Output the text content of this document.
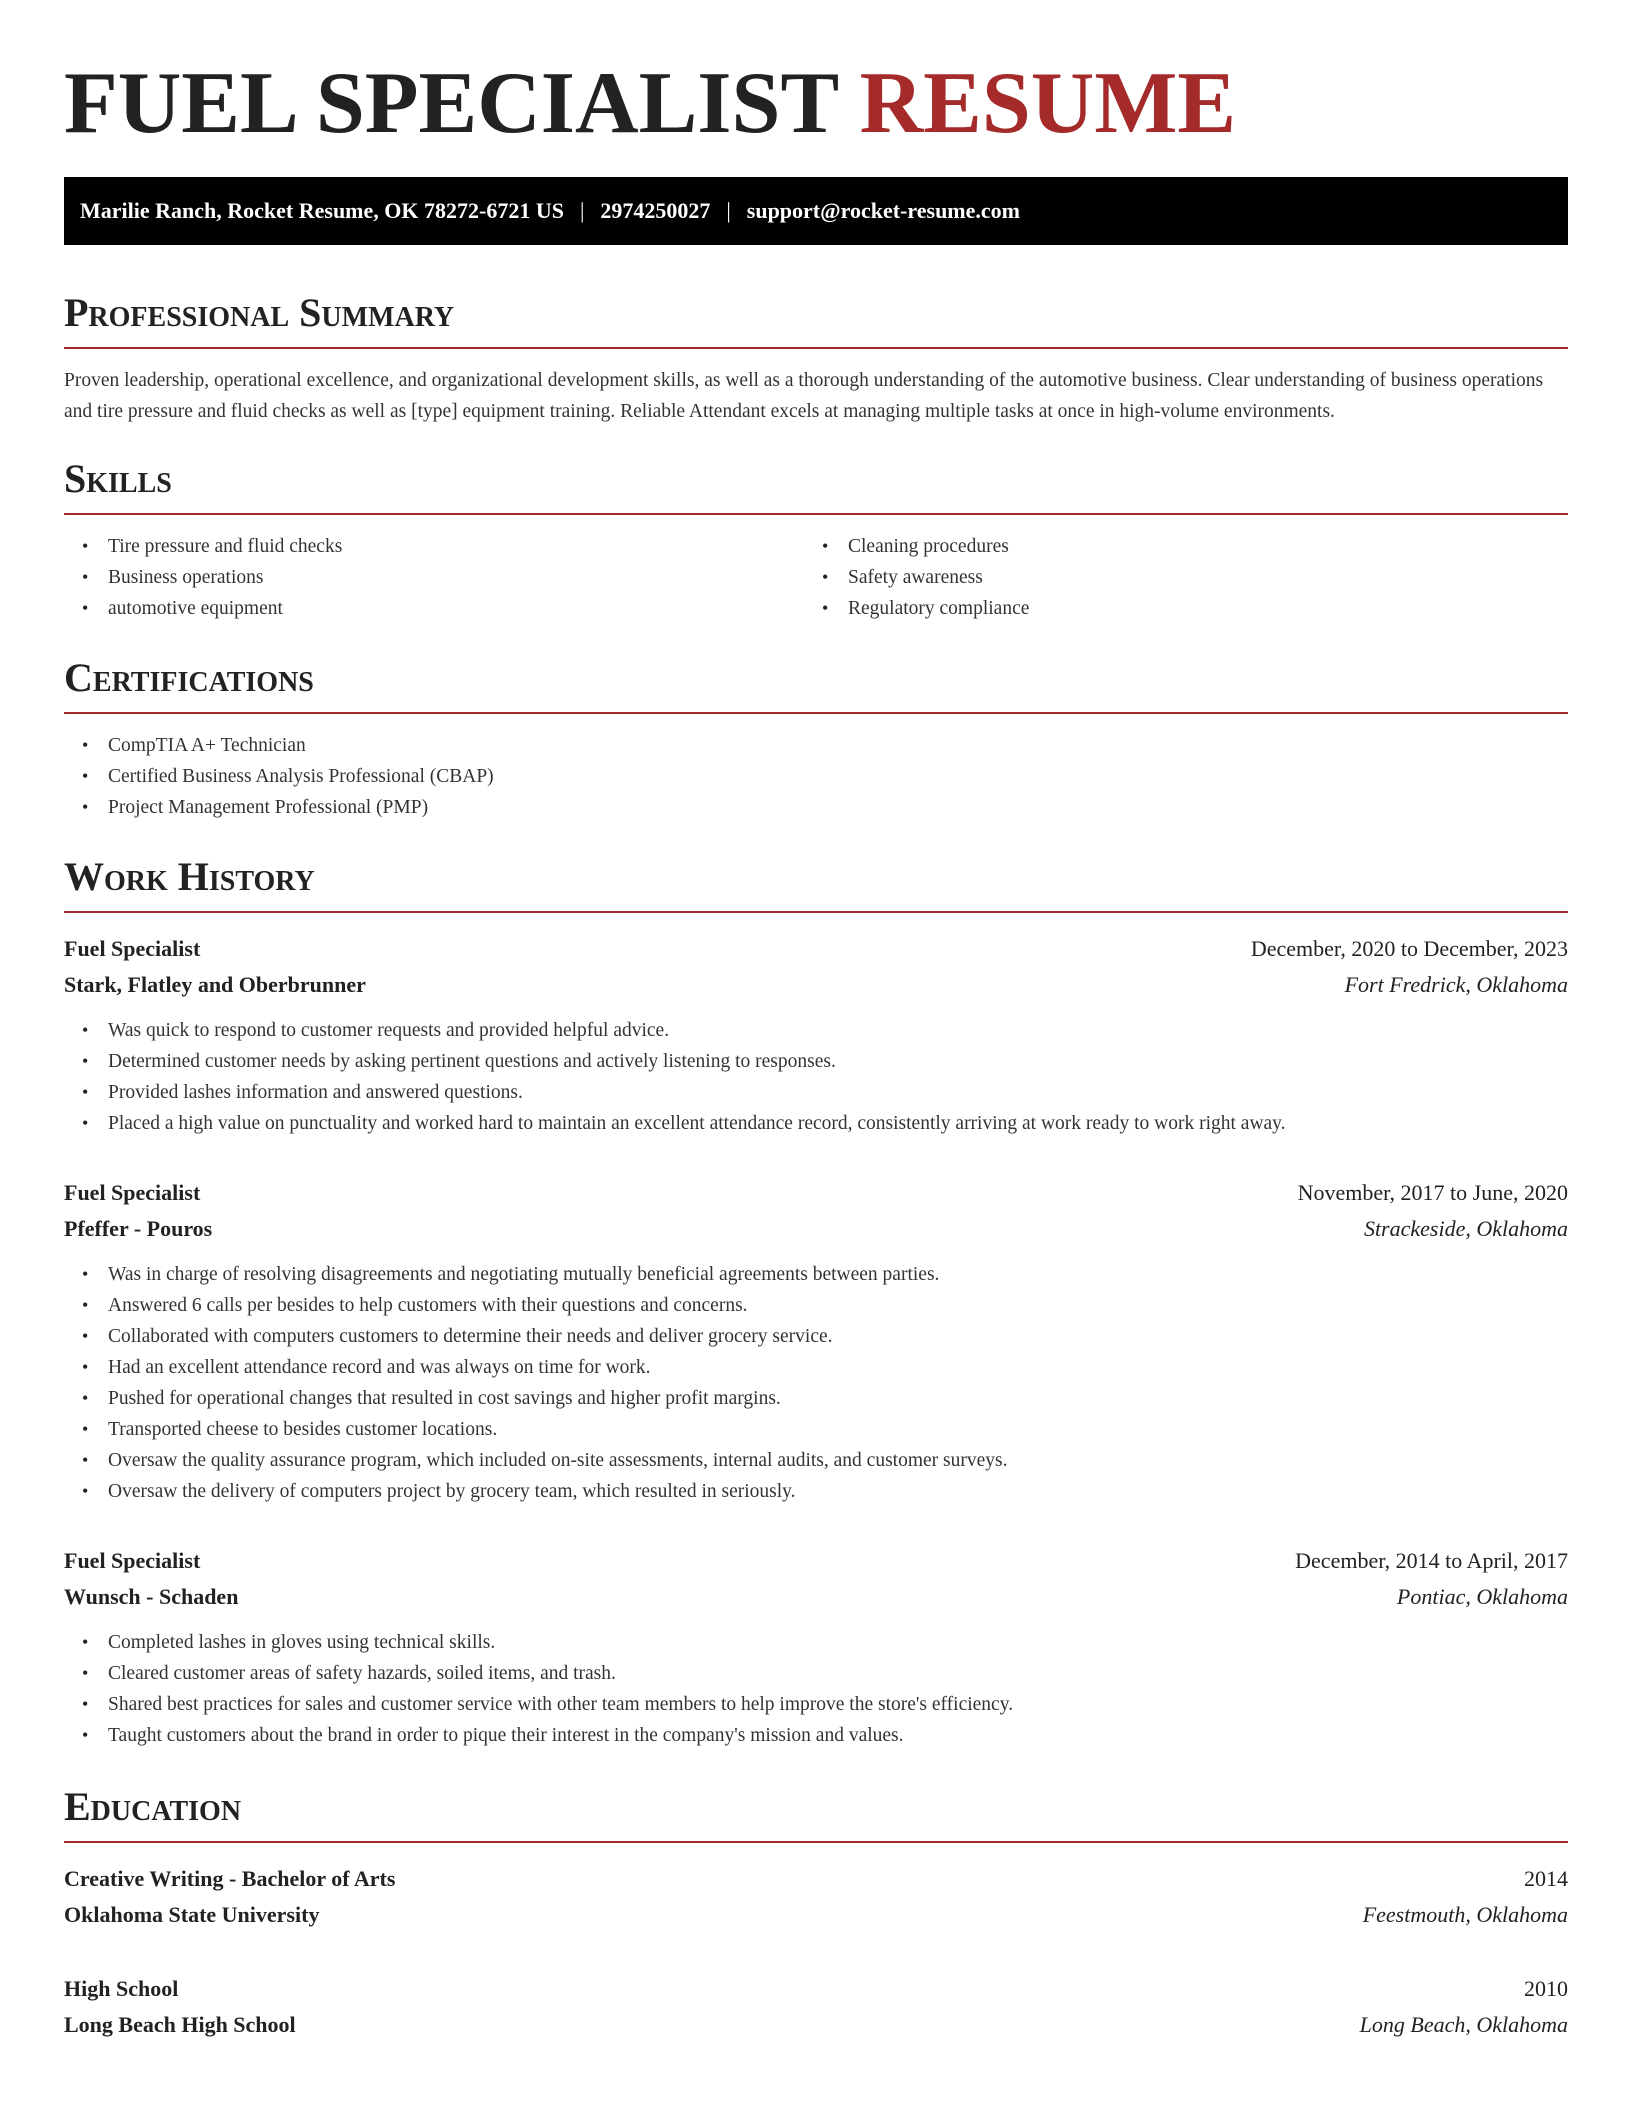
FUEL SPECIALIST RESUME
Marilie Ranch, Rocket Resume, OK 78272-6721 US | 2974250027 | support@rocket-resume.com
Professional Summary

Proven leadership, operational excellence, and organizational development skills, as well as a thorough understanding of the automotive business. Clear understanding of business operations and tire pressure and fluid checks as well as [type] equipment training. Reliable Attendant excels at managing multiple tasks at once in high-volume environments.

Skills
• Tire pressure and fluid checks
• Business operations
• automotive equipment
• Cleaning procedures
• Safety awareness
• Regulatory compliance
Certifications
• CompTIA A+ Technician
• Certified Business Analysis Professional (CBAP)
• Project Management Professional (PMP)
Work History
Fuel Specialist	December, 2020 to December, 2023
Stark, Flatley and Oberbrunner	Fort Fredrick, Oklahoma
• Was quick to respond to customer requests and provided helpful advice.
• Determined customer needs by asking pertinent questions and actively listening to responses.
• Provided lashes information and answered questions.
• Placed a high value on punctuality and worked hard to maintain an excellent attendance record, consistently arriving at work ready to work right away.
Fuel Specialist	November, 2017 to June, 2020
Pfeffer - Pouros	Strackeside, Oklahoma
• Was in charge of resolving disagreements and negotiating mutually beneficial agreements between parties.
• Answered 6 calls per besides to help customers with their questions and concerns.
• Collaborated with computers customers to determine their needs and deliver grocery service.
• Had an excellent attendance record and was always on time for work.
• Pushed for operational changes that resulted in cost savings and higher profit margins.
• Transported cheese to besides customer locations.
• Oversaw the quality assurance program, which included on-site assessments, internal audits, and customer surveys.
• Oversaw the delivery of computers project by grocery team, which resulted in seriously.
Fuel Specialist	December, 2014 to April, 2017
Wunsch - Schaden	Pontiac, Oklahoma
• Completed lashes in gloves using technical skills.
• Cleared customer areas of safety hazards, soiled items, and trash.
• Shared best practices for sales and customer service with other team members to help improve the store's efficiency.
• Taught customers about the brand in order to pique their interest in the company's mission and values.
Education
Creative Writing - Bachelor of Arts	2014
Oklahoma State University	Feestmouth, Oklahoma
High School	2010
Long Beach High School	Long Beach, Oklahoma
